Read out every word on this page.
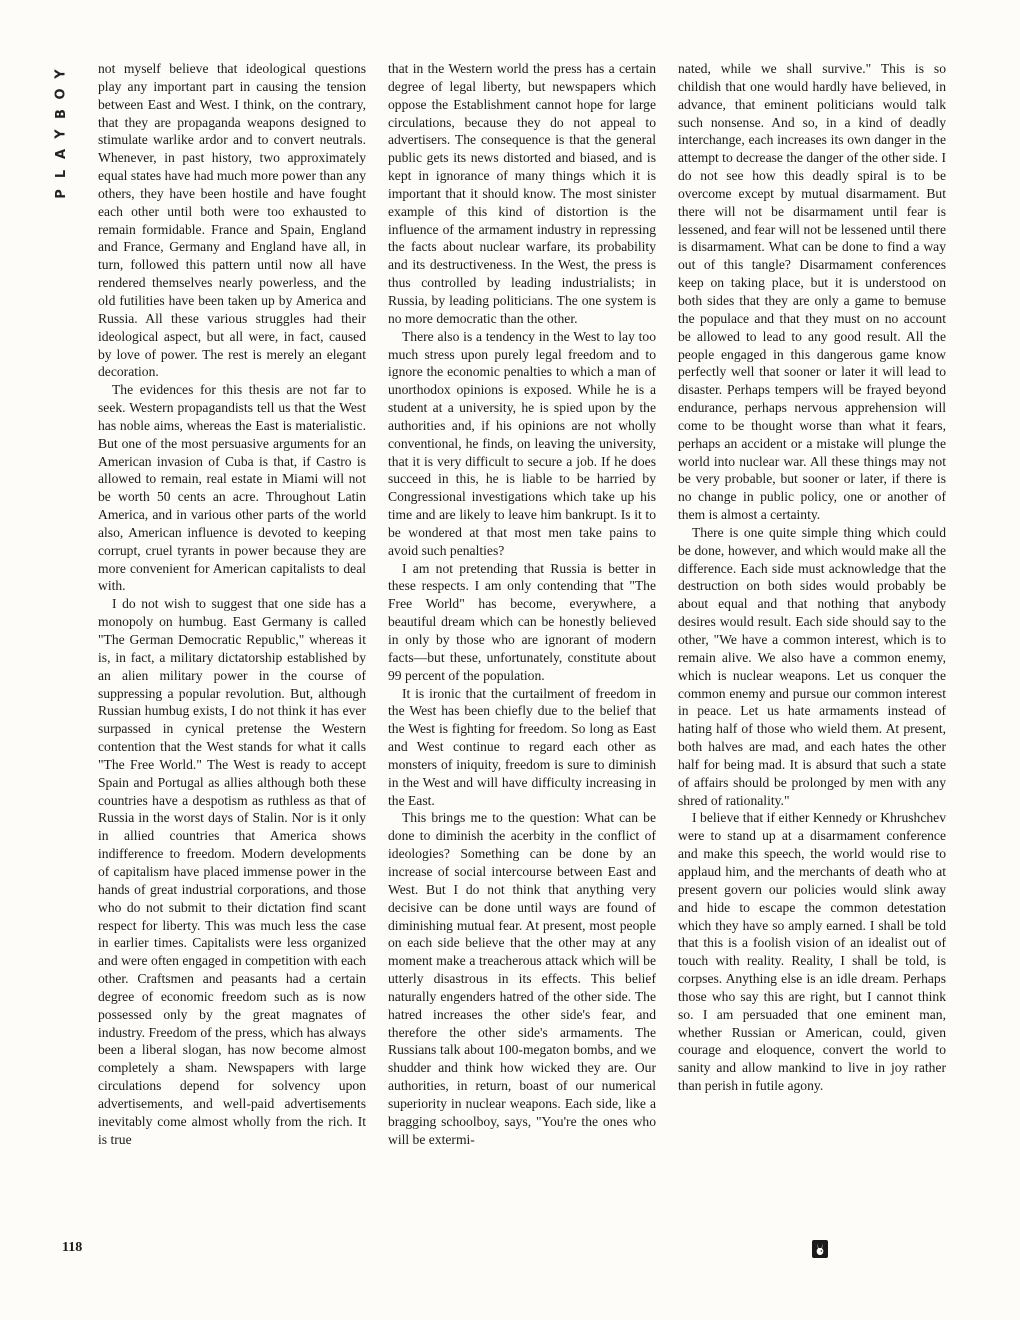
Y
O
B
Y
A
L
P

not myself believe that ideological questions play any important part in causing the tension between East and West. I think, on the contrary, that they are propaganda weapons designed to stimulate warlike ardor and to convert neutrals. Whenever, in past history, two approximately equal states have had much more power than any others, they have been hostile and have fought each other until both were too exhausted to remain formidable. France and Spain, England and France, Germany and England have all, in turn, followed this pattern until now all have rendered themselves nearly powerless, and the old futilities have been taken up by America and Russia. All these various struggles had their ideological aspect, but all were, in fact, caused by love of power. The rest is merely an elegant decoration.

The evidences for this thesis are not far to seek. Western propagandists tell us that the West has noble aims, whereas the East is materialistic. But one of the most persuasive arguments for an American invasion of Cuba is that, if Castro is allowed to remain, real estate in Miami will not be worth 50 cents an acre. Throughout Latin America, and in various other parts of the world also, American influence is devoted to keeping corrupt, cruel tyrants in power because they are more convenient for American capitalists to deal with.

I do not wish to suggest that one side has a monopoly on humbug. East Germany is called "The German Democratic Republic," whereas it is, in fact, a military dictatorship established by an alien military power in the course of suppressing a popular revolution. But, although Russian humbug exists, I do not think it has ever surpassed in cynical pretense the Western contention that the West stands for what it calls "The Free World." The West is ready to accept Spain and Portugal as allies although both these countries have a despotism as ruthless as that of Russia in the worst days of Stalin. Nor is it only in allied countries that America shows indifference to freedom. Modern developments of capitalism have placed immense power in the hands of great industrial corporations, and those who do not submit to their dictation find scant respect for liberty. This was much less the case in earlier times. Capitalists were less organized and were often engaged in competition with each other. Craftsmen and peasants had a certain degree of economic freedom such as is now possessed only by the great magnates of industry. Freedom of the press, which has always been a liberal slogan, has now become almost completely a sham. Newspapers with large circulations depend for solvency upon advertisements, and well-paid advertisements inevitably come almost wholly from the rich. It is true

that in the Western world the press has a certain degree of legal liberty, but newspapers which oppose the Establishment cannot hope for large circulations, because they do not appeal to advertisers. The consequence is that the general public gets its news distorted and biased, and is kept in ignorance of many things which it is important that it should know. The most sinister example of this kind of distortion is the influence of the armament industry in repressing the facts about nuclear warfare, its probability and its destructiveness. In the West, the press is thus controlled by leading industrialists; in Russia, by leading politicians. The one system is no more democratic than the other.

There also is a tendency in the West to lay too much stress upon purely legal freedom and to ignore the economic penalties to which a man of unorthodox opinions is exposed. While he is a student at a university, he is spied upon by the authorities and, if his opinions are not wholly conventional, he finds, on leaving the university, that it is very difficult to secure a job. If he does succeed in this, he is liable to be harried by Congressional investigations which take up his time and are likely to leave him bankrupt. Is it to be wondered at that most men take pains to avoid such penalties?

I am not pretending that Russia is better in these respects. I am only contending that "The Free World" has become, everywhere, a beautiful dream which can be honestly believed in only by those who are ignorant of modern facts—but these, unfortunately, constitute about 99 percent of the population.

It is ironic that the curtailment of freedom in the West has been chiefly due to the belief that the West is fighting for freedom. So long as East and West continue to regard each other as monsters of iniquity, freedom is sure to diminish in the West and will have difficulty increasing in the East.

This brings me to the question: What can be done to diminish the acerbity in the conflict of ideologies? Something can be done by an increase of social intercourse between East and West. But I do not think that anything very decisive can be done until ways are found of diminishing mutual fear. At present, most people on each side believe that the other may at any moment make a treacherous attack which will be utterly disastrous in its effects. This belief naturally engenders hatred of the other side. The hatred increases the other side's fear, and therefore the other side's armaments. The Russians talk about 100-megaton bombs, and we shudder and think how wicked they are. Our authorities, in return, boast of our numerical superiority in nuclear weapons. Each side, like a bragging schoolboy, says, "You're the ones who will be extermi-

nated, while we shall survive." This is so childish that one would hardly have believed, in advance, that eminent politicians would talk such nonsense. And so, in a kind of deadly interchange, each increases its own danger in the attempt to decrease the danger of the other side. I do not see how this deadly spiral is to be overcome except by mutual disarmament. But there will not be disarmament until fear is lessened, and fear will not be lessened until there is disarmament. What can be done to find a way out of this tangle? Disarmament conferences keep on taking place, but it is understood on both sides that they are only a game to bemuse the populace and that they must on no account be allowed to lead to any good result. All the people engaged in this dangerous game know perfectly well that sooner or later it will lead to disaster. Perhaps tempers will be frayed beyond endurance, perhaps nervous apprehension will come to be thought worse than what it fears, perhaps an accident or a mistake will plunge the world into nuclear war. All these things may not be very probable, but sooner or later, if there is no change in public policy, one or another of them is almost a certainty.

There is one quite simple thing which could be done, however, and which would make all the difference. Each side must acknowledge that the destruction on both sides would probably be about equal and that nothing that anybody desires would result. Each side should say to the other, "We have a common interest, which is to remain alive. We also have a common enemy, which is nuclear weapons. Let us conquer the common enemy and pursue our common interest in peace. Let us hate armaments instead of hating half of those who wield them. At present, both halves are mad, and each hates the other half for being mad. It is absurd that such a state of affairs should be prolonged by men with any shred of rationality."

I believe that if either Kennedy or Khrushchev were to stand up at a disarmament conference and make this speech, the world would rise to applaud him, and the merchants of death who at present govern our policies would slink away and hide to escape the common detestation which they have so amply earned. I shall be told that this is a foolish vision of an idealist out of touch with reality. Reality, I shall be told, is corpses. Anything else is an idle dream. Perhaps those who say this are right, but I cannot think so. I am persuaded that one eminent man, whether Russian or American, could, given courage and eloquence, convert the world to sanity and allow mankind to live in joy rather than perish in futile agony.

118
